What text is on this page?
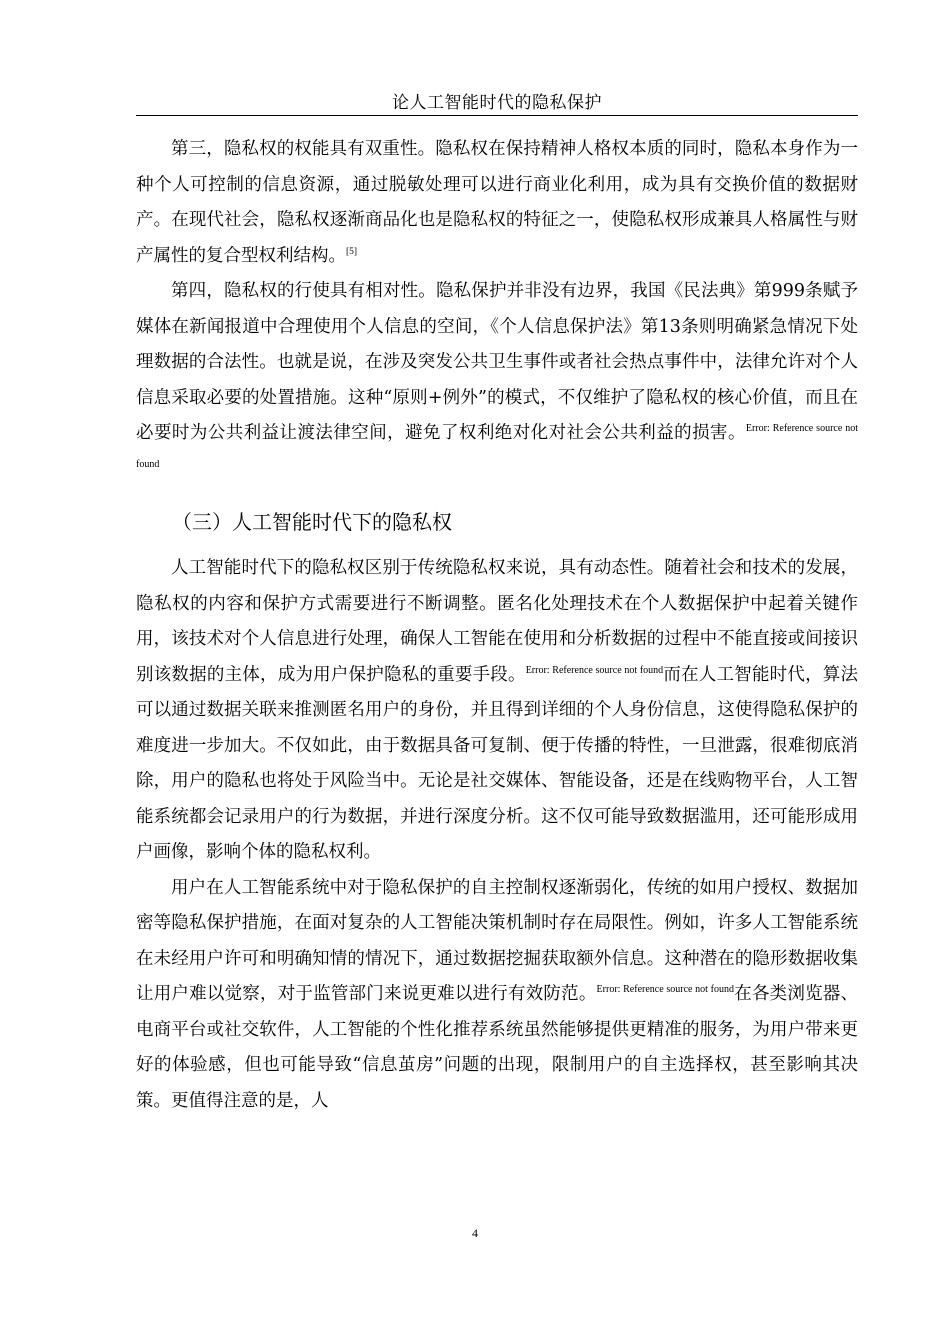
论人工智能时代的隐私保护

第三，隐私权的权能具有双重性。隐私权在保持精神人格权本质的同时，隐私本身作为一种个人可控制的信息资源，通过脱敏处理可以进行商业化利用，成为具有交换价值的数据财产。在现代社会，隐私权逐渐商品化也是隐私权的特征之一，使隐私权形成兼具人格属性与财产属性的复合型权利结构。[5]

第四，隐私权的行使具有相对性。隐私保护并非没有边界，我国《民法典》第999条赋予媒体在新闻报道中合理使用个人信息的空间，《个人信息保护法》第13条则明确紧急情况下处理数据的合法性。也就是说，在涉及突发公共卫生事件或者社会热点事件中，法律允许对个人信息采取必要的处置措施。这种“原则+例外”的模式，不仅维护了隐私权的核心价值，而且在必要时为公共利益让渡法律空间，避免了权利绝对化对社会公共利益的损害。$^{Error: Reference source not found}$

（三）人工智能时代下的隐私权

人工智能时代下的隐私权区别于传统隐私权来说，具有动态性。随着社会和技术的发展，隐私权的内容和保护方式需要进行不断调整。匿名化处理技术在个人数据保护中起着关键作用，该技术对个人信息进行处理，确保人工智能在使用和分析数据的过程中不能直接或间接识别该数据的主体，成为用户保护隐私的重要手段。$^{Error: Reference source not found}$而在人工智能时代，算法可以通过数据关联来推测匿名用户的身份，并且得到详细的个人身份信息，这使得隐私保护的难度进一步加大。不仅如此，由于数据具备可复制、便于传播的特性，一旦泄露，很难彻底消除，用户的隐私也将处于风险当中。无论是社交媒体、智能设备，还是在线购物平台，人工智能系统都会记录用户的行为数据，并进行深度分析。这不仅可能导致数据滥用，还可能形成用户画像，影响个体的隐私权利。

用户在人工智能系统中对于隐私保护的自主控制权逐渐弱化，传统的如用户授权、数据加密等隐私保护措施，在面对复杂的人工智能决策机制时存在局限性。例如，许多人工智能系统在未经用户许可和明确知情的情况下，通过数据挖掘获取额外信息。这种潜在的隐形数据收集让用户难以觉察，对于监管部门来说更难以进行有效防范。$^{Error: Reference source not found}$在各类浏览器、电商平台或社交软件，人工智能的个性化推荐系统虽然能够提供更精准的服务，为用户带来更好的体验感，但也可能导致“信息茧房”问题的出现，限制用户的自主选择权，甚至影响其决策。更值得注意的是，人

4
